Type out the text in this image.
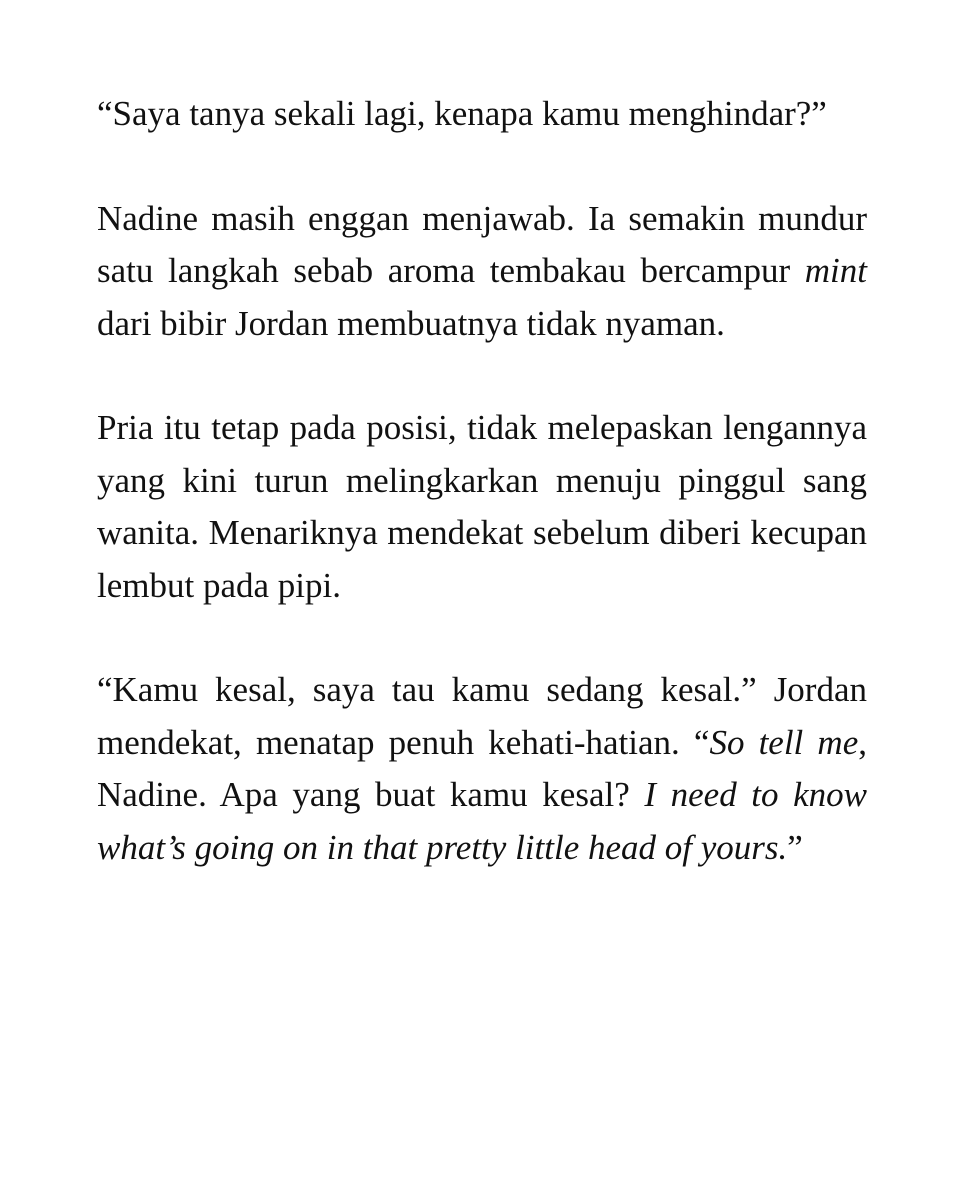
“Saya tanya sekali lagi, kenapa kamu menghindar?”

Nadine masih enggan menjawab. Ia semakin mundur satu langkah sebab aroma tembakau bercampur mint dari bibir Jordan membuatnya tidak nyaman.

Pria itu tetap pada posisi, tidak melepaskan lengannya yang kini turun melingkarkan menuju pinggul sang wanita. Menariknya mendekat sebelum diberi kecupan lembut pada pipi.

“Kamu kesal, saya tau kamu sedang kesal.” Jordan mendekat, menatap penuh kehati-hatian. “So tell me, Nadine. Apa yang buat kamu kesal? I need to know what’s going on in that pretty little head of yours.”
